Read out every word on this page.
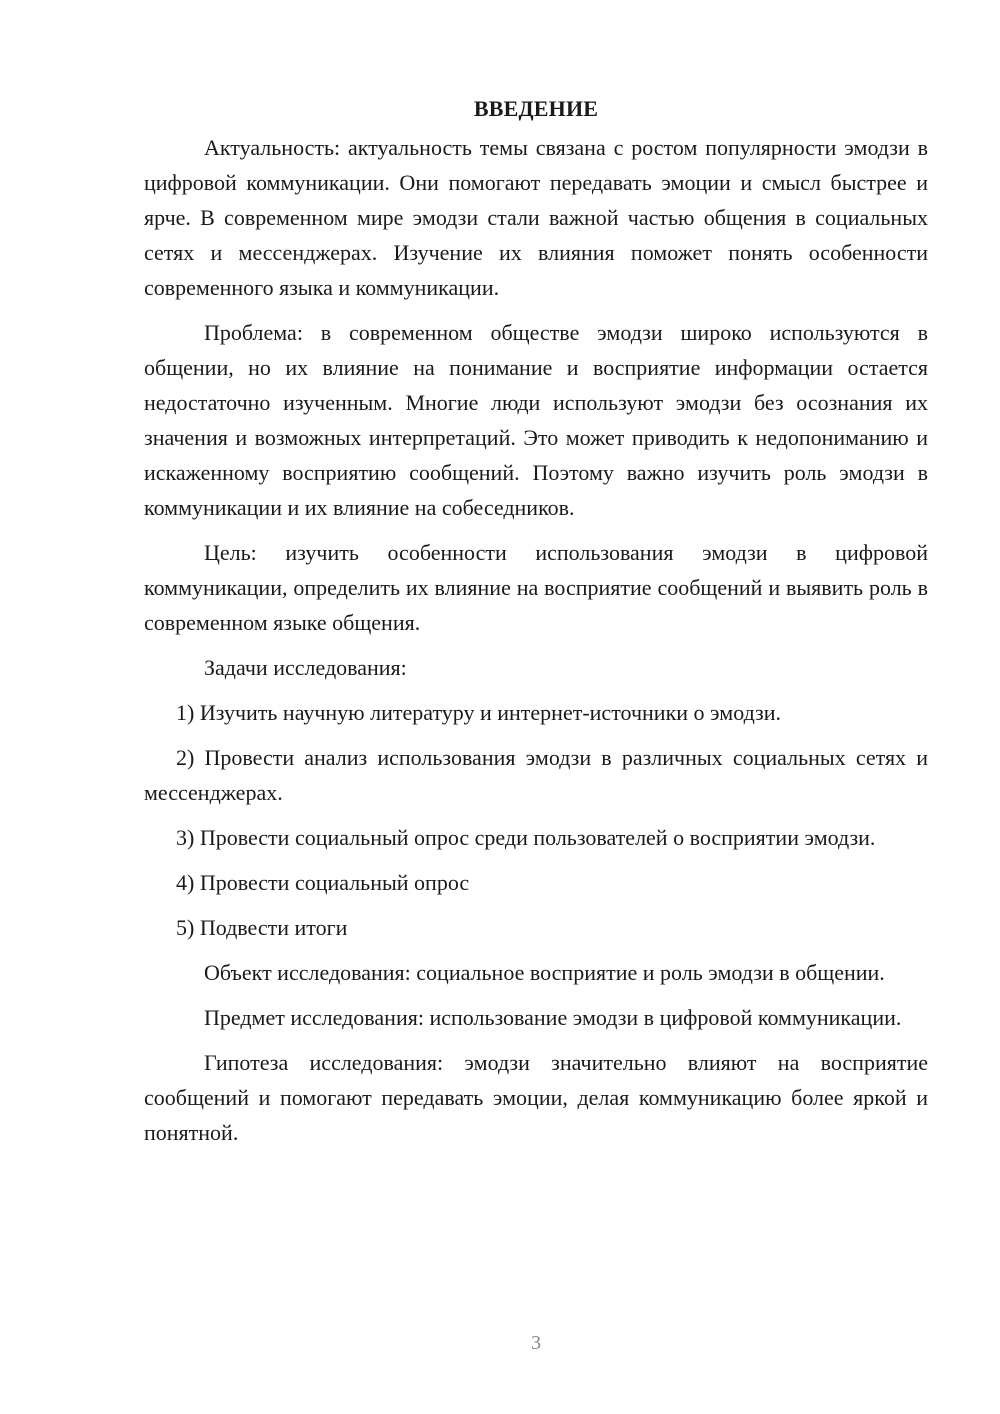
ВВЕДЕНИЕ

Актуальность: актуальность темы связана с ростом популярности эмодзи в цифровой коммуникации. Они помогают передавать эмоции и смысл быстрее и ярче. В современном мире эмодзи стали важной частью общения в социальных сетях и мессенджерах. Изучение их влияния поможет понять особенности современного языка и коммуникации.

Проблема: в современном обществе эмодзи широко используются в общении, но их влияние на понимание и восприятие информации остается недостаточно изученным. Многие люди используют эмодзи без осознания их значения и возможных интерпретаций. Это может приводить к недопониманию и искаженному восприятию сообщений. Поэтому важно изучить роль эмодзи в коммуникации и их влияние на собеседников.

Цель: изучить особенности использования эмодзи в цифровой коммуникации, определить их влияние на восприятие сообщений и выявить роль в современном языке общения.

Задачи исследования:

1) Изучить научную литературу и интернет-источники о эмодзи.

2) Провести анализ использования эмодзи в различных социальных сетях и мессенджерах.

3) Провести социальный опрос среди пользователей о восприятии эмодзи.

4) Провести социальный опрос

5) Подвести итоги

Объект исследования: социальное восприятие и роль эмодзи в общении.

Предмет исследования: использование эмодзи в цифровой коммуникации.

Гипотеза исследования: эмодзи значительно влияют на восприятие сообщений и помогают передавать эмоции, делая коммуникацию более яркой и понятной.

3
